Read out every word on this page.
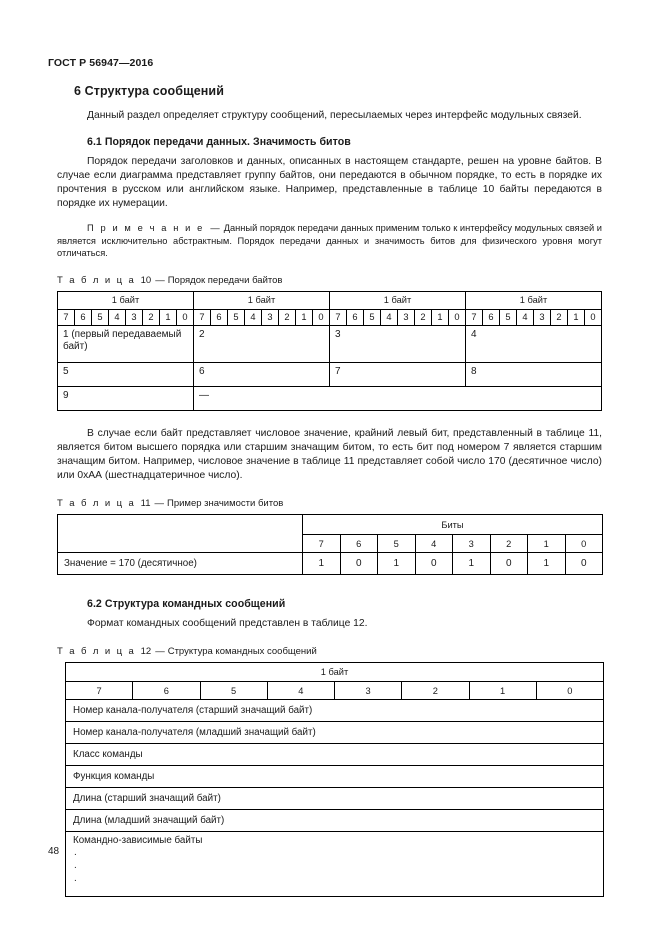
ГОСТ Р 56947—2016
6 Структура сообщений

Данный раздел определяет структуру сообщений, пересылаемых через интерфейс модульных связей.

6.1 Порядок передачи данных. Значимость битов

Порядок передачи заголовков и данных, описанных в настоящем стандарте, решен на уровне байтов. В случае если диаграмма представляет группу байтов, они передаются в обычном порядке, то есть в порядке их прочтения в русском или английском языке. Например, представленные в таблице 10 байты передаются в порядке их нумерации.

П р и м е ч а н и е — Данный порядок передачи данных применим только к интерфейсу модульных связей и является исключительно абстрактным. Порядок передачи данных и значимость битов для физического уровня могут отличаться.

Т а б л и ц а 10 — Порядок передачи байтов

1 байт								1 байт								1 байт								1 байт							
7	6	5	4	3	2	1	0	7	6	5	4	3	2	1	0	7	6	5	4	3	2	1	0	7	6	5	4	3	2	1	0
1 (первый передаваемый байт)								2								3								4							
5								6								7								8							
9								—																							

В случае если байт представляет числовое значение, крайний левый бит, представленный в таблице 11, является битом высшего порядка или старшим значащим битом, то есть бит под номером 7 является старшим значащим битом. Например, числовое значение в таблице 11 представляет собой число 170 (десятичное число) или 0хАА (шестнадцатеричное число).

Т а б л и ц а 11 — Пример значимости битов

	Биты							
	7	6	5	4	3	2	1	0
Значение = 170 (десятичное)	1	0	1	0	1	0	1	0
6.2 Структура командных сообщений

Формат командных сообщений представлен в таблице 12.

Т а б л и ц а 12 — Структура командных сообщений

1 байт
7	6	5	4	3	2	1	0
Номер канала-получателя (старший значащий байт)
Номер канала-получателя (младший значащий байт)
Класс команды
Функция команды
Длина (старший значащий байт)
Длина (младший значащий байт)

Командно-зависимые байты
.
.
.
48
